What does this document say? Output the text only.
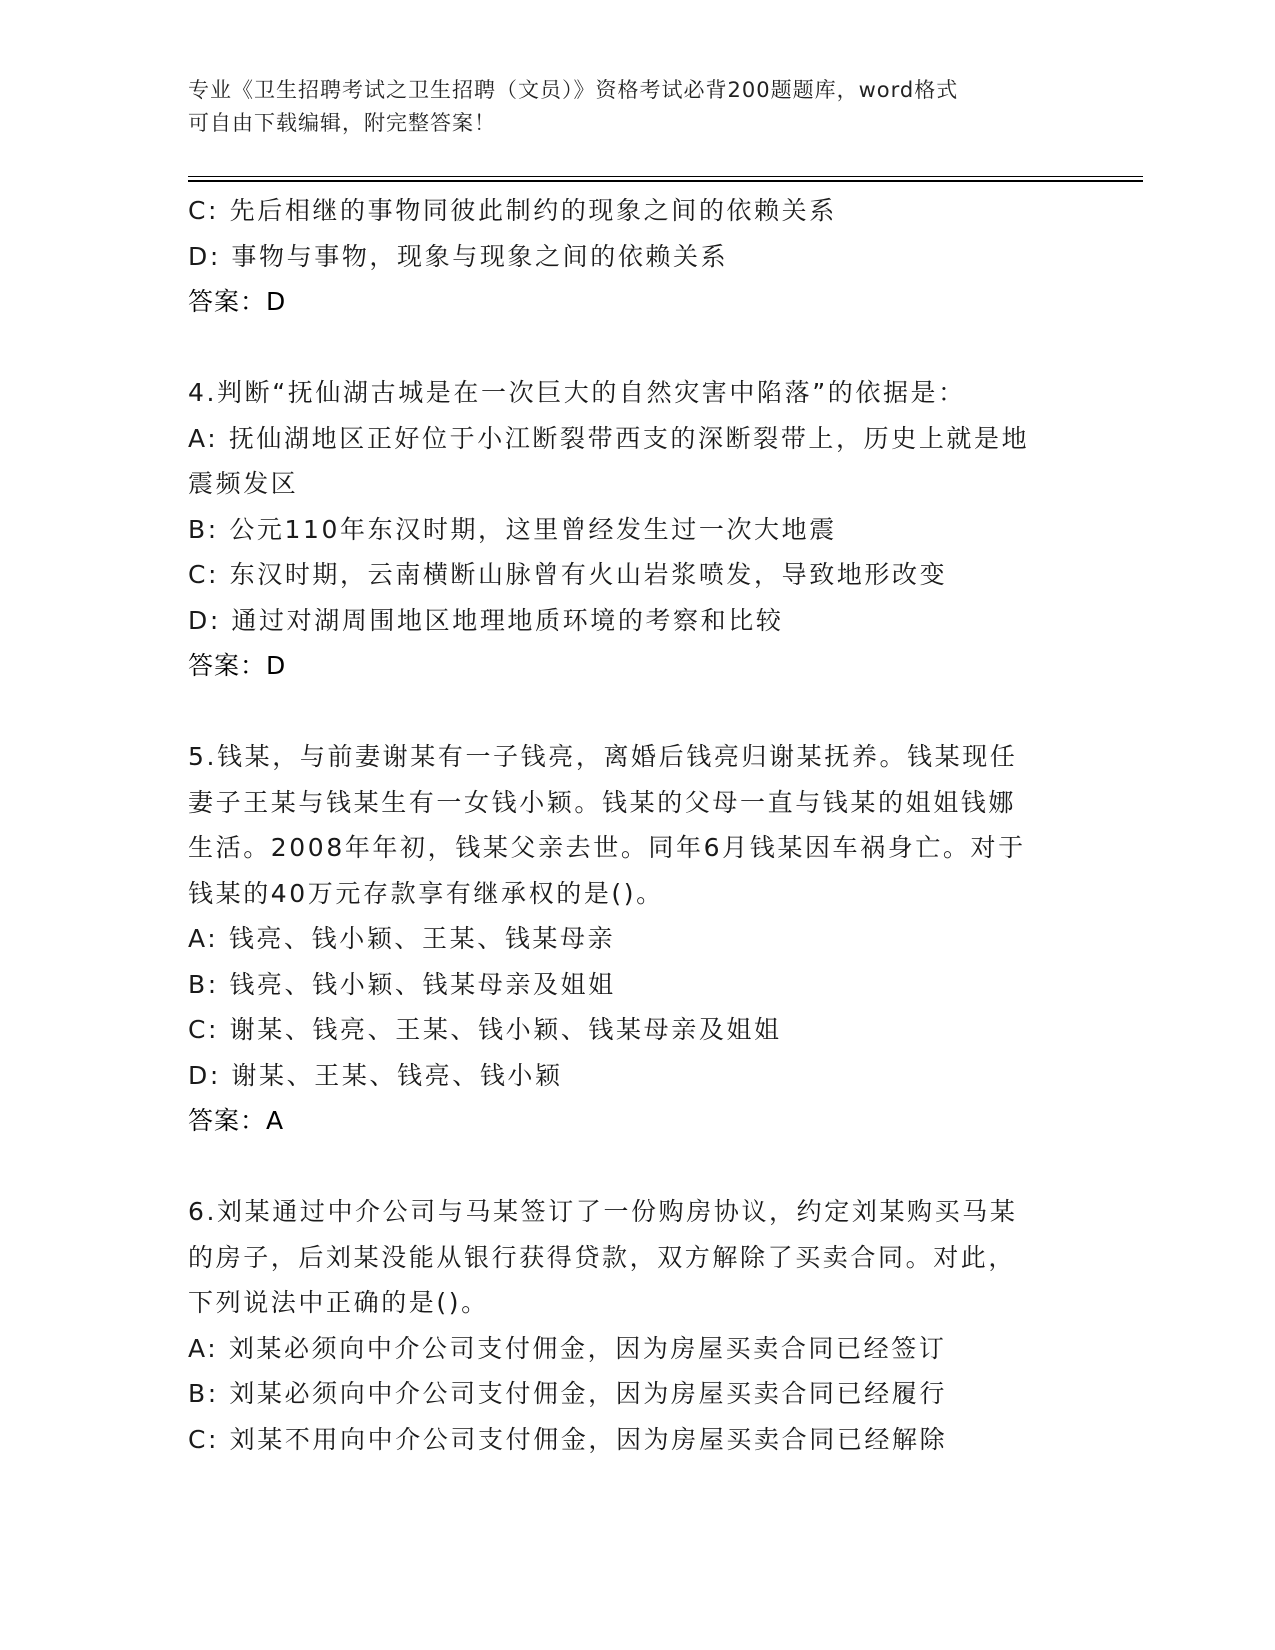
专业《卫生招聘考试之卫生招聘（文员）》资格考试必背200题题库，word格式
可自由下载编辑，附完整答案！
C: 先后相继的事物同彼此制约的现象之间的依赖关系
D: 事物与事物，现象与现象之间的依赖关系
答案：D
4.判断“抚仙湖古城是在一次巨大的自然灾害中陷落”的依据是：
A: 抚仙湖地区正好位于小江断裂带西支的深断裂带上，历史上就是地
震频发区
B: 公元110年东汉时期，这里曾经发生过一次大地震
C: 东汉时期，云南横断山脉曾有火山岩浆喷发，导致地形改变
D: 通过对湖周围地区地理地质环境的考察和比较
答案：D
5.钱某，与前妻谢某有一子钱亮，离婚后钱亮归谢某抚养。钱某现任
妻子王某与钱某生有一女钱小颖。钱某的父母一直与钱某的姐姐钱娜
生活。2008年年初，钱某父亲去世。同年6月钱某因车祸身亡。对于
钱某的40万元存款享有继承权的是()。
A: 钱亮、钱小颖、王某、钱某母亲
B: 钱亮、钱小颖、钱某母亲及姐姐
C: 谢某、钱亮、王某、钱小颖、钱某母亲及姐姐
D: 谢某、王某、钱亮、钱小颖
答案：A
6.刘某通过中介公司与马某签订了一份购房协议，约定刘某购买马某
的房子，后刘某没能从银行获得贷款，双方解除了买卖合同。对此，
下列说法中正确的是()。
A: 刘某必须向中介公司支付佣金，因为房屋买卖合同已经签订
B: 刘某必须向中介公司支付佣金，因为房屋买卖合同已经履行
C: 刘某不用向中介公司支付佣金，因为房屋买卖合同已经解除
